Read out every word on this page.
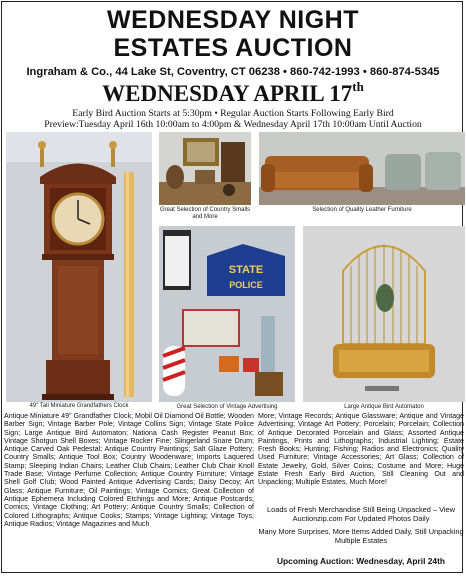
WEDNESDAY NIGHT
ESTATES AUCTION
Ingraham & Co., 44 Lake St, Coventry, CT 06238 • 860-742-1993 • 860-874-5345
WEDNESDAY APRIL 17th
Early Bird Auction Starts at 5:30pm • Regular Auction Starts Following Early Bird
Preview:Tuesday April 16th 10:00am to 4:00pm & Wednesday April 17th 10:00am Until Auction
49" Tall Miniature Grandfathers Clock
Great Selection of Country Smalls and More
Selection of Quality Leather Furniture
STATE
POLICE
Great Selection of Vintage Advertising	Large Antique Bird Automaton
Antique Miniature 49" Grandfather Clock; Mobil Oil Diamond Oil Bottle; Wooden Barber Sign; Vintage Barber Pole; Vintage Collins Sign; Vintage State Police Sign; Large Antique Bird Automaton; Nationa Cash Register Peanut Box; Vintage Shotgun Shell Boxes; Vintage Rocker Fine; Slingerland Snare Drum; Antique Carved Oak Pedestal; Antique Country Paintings; Salt Glaze Pottery; Country Smalls; Antique Tool Box; Country Woodenware; Imports Laquered Stamp; Sleeping Indian Chairs; Leather Club Chairs; Leather Club Chair Knoll Trade Base; Vintage Perfume Collection; Antique Country Furniture; Vintage Shell Golf Club; Wood Painted Antique Advertising Cards; Daisy Decoy; Art Glass; Antique Furniture; Oil Paintings; Vintage Comics; Great Collection of Antique Ephemera Including Colored Etchings and More; Antique Postcards; Comics; Vintage Clothing; Art Pottery; Antique Country Smalls; Collection of Colored Lithographs; Antique Cooks; Stamps; Vintage Lighting; Vintage Toys; Antique Radios; Vintage Magazines and Much
More; Vintage Records; Antique Glassware; Antique and Vintage Advertising; Vintage Art Pottery; Porcelain; Porcelain; Collection of Antique Decorated Porcelain and Glass; Assorted Antique Paintings, Prints and Lithographs; Industrial Lighting; Estate Fresh Books; Hunting; Fishing; Radios and Electronics; Quality Used Furniture; Vintage Accessories; Art Glass; Collection of Estate Jewelry, Gold, Silver Coins; Costume and More; Huge Estate Fresh Early Bird Auction, Still Cleaning Out and Unpacking; Multiple Estates, Much More!
Loads of Fresh Merchandise Still Being Unpacked – View Auctionzip.com For Updated Photos Daily
Many More Surprises, More Items Added Daily, Still Unpacking Multiple Estates
Upcoming Auction: Wednesday, April 24th
